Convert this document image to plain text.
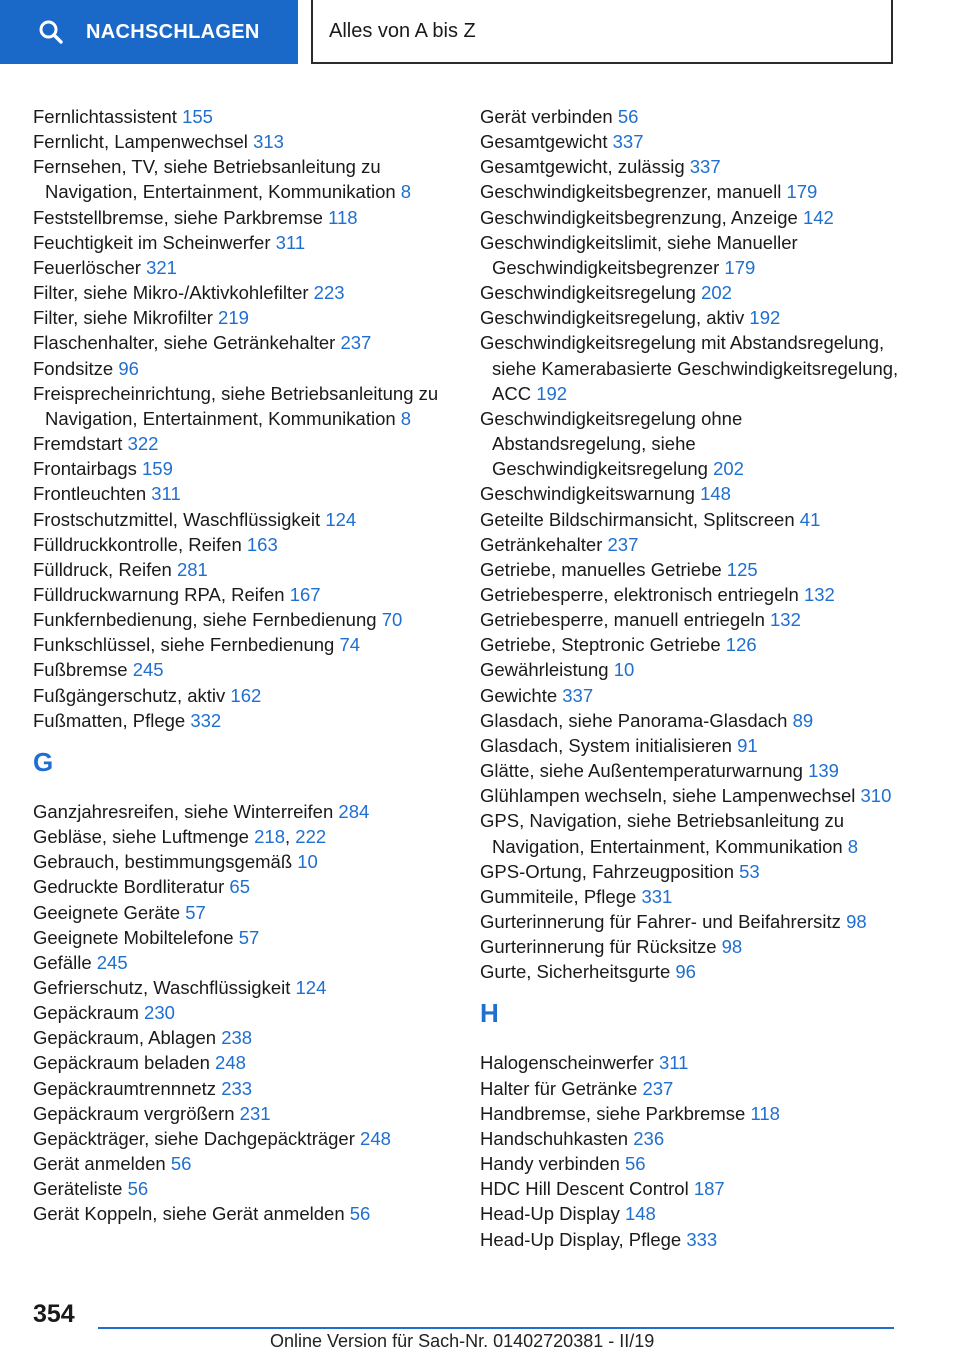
NACHSCHLAGEN	Alles von A bis Z
Fernlichtassistent 155
Fernlicht, Lampenwechsel 313
Fernsehen, TV, siehe Betriebsanleitung zu Navigation, Entertainment, Kommunikation 8
Feststellbremse, siehe Parkbremse 118
Feuchtigkeit im Scheinwerfer 311
Feuerlöscher 321
Filter, siehe Mikro-/Aktivkohlefilter 223
Filter, siehe Mikrofilter 219
Flaschenhalter, siehe Getränkehalter 237
Fondsitze 96
Freisprecheinrichtung, siehe Betriebsanleitung zu Navigation, Entertainment, Kommunikation 8
Fremdstart 322
Frontairbags 159
Frontleuchten 311
Frostschutzmittel, Waschflüssigkeit 124
Fülldruckkontrolle, Reifen 163
Fülldruck, Reifen 281
Fülldruckwarnung RPA, Reifen 167
Funkfernbedienung, siehe Fernbedienung 70
Funkschlüssel, siehe Fernbedienung 74
Fußbremse 245
Fußgängerschutz, aktiv 162
Fußmatten, Pflege 332
G
Ganzjahresreifen, siehe Winterreifen 284
Gebläse, siehe Luftmenge 218, 222
Gebrauch, bestimmungsgemäß 10
Gedruckte Bordliteratur 65
Geeignete Geräte 57
Geeignete Mobiltelefone 57
Gefälle 245
Gefrierschutz, Waschflüssigkeit 124
Gepäckraum 230
Gepäckraum, Ablagen 238
Gepäckraum beladen 248
Gepäckraumtrennnetz 233
Gepäckraum vergrößern 231
Gepäckträger, siehe Dachgepäckträger 248
Gerät anmelden 56
Geräteliste 56
Gerät Koppeln, siehe Gerät anmelden 56
Gerät verbinden 56
Gesamtgewicht 337
Gesamtgewicht, zulässig 337
Geschwindigkeitsbegrenzer, manuell 179
Geschwindigkeitsbegrenzung, Anzeige 142
Geschwindigkeitslimit, siehe Manueller Geschwindigkeitsbegrenzer 179
Geschwindigkeitsregelung 202
Geschwindigkeitsregelung, aktiv 192
Geschwindigkeitsregelung mit Abstandsregelung, siehe Kamerabasierte Geschwindigkeitsregelung, ACC 192
Geschwindigkeitsregelung ohne Abstandsregelung, siehe Geschwindigkeitsregelung 202
Geschwindigkeitswarnung 148
Geteilte Bildschirmansicht, Splitscreen 41
Getränkehalter 237
Getriebe, manuelles Getriebe 125
Getriebesperre, elektronisch entriegeln 132
Getriebesperre, manuell entriegeln 132
Getriebe, Steptronic Getriebe 126
Gewährleistung 10
Gewichte 337
Glasdach, siehe Panorama-Glasdach 89
Glasdach, System initialisieren 91
Glätte, siehe Außentemperaturwarnung 139
Glühlampen wechseln, siehe Lampenwechsel 310
GPS, Navigation, siehe Betriebsanleitung zu Navigation, Entertainment, Kommunikation 8
GPS-Ortung, Fahrzeugposition 53
Gummiteile, Pflege 331
Gurterinnerung für Fahrer- und Beifahrersitz 98
Gurterinnerung für Rücksitze 98
Gurte, Sicherheitsgurte 96
H
Halogenscheinwerfer 311
Halter für Getränke 237
Handbremse, siehe Parkbremse 118
Handschuhkasten 236
Handy verbinden 56
HDC Hill Descent Control 187
Head-Up Display 148
Head-Up Display, Pflege 333
354
Online Version für Sach-Nr. 01402720381 - II/19
